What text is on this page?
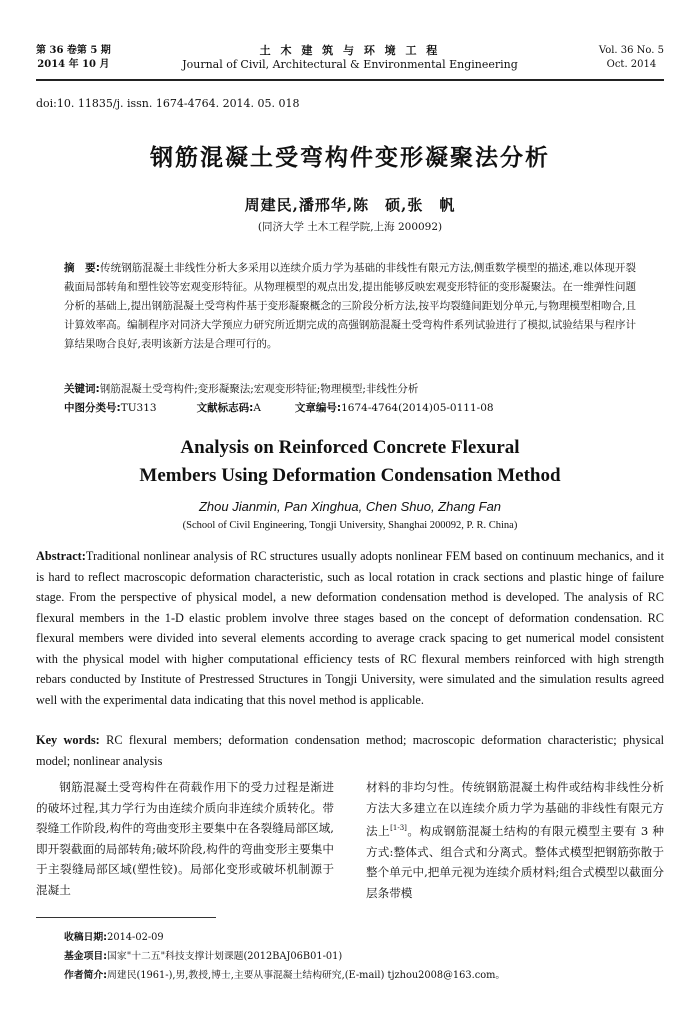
第 36 卷第 5 期
2014 年 10 月
土 木 建 筑 与 环 境 工 程
Journal of Civil, Architectural & Environmental Engineering
Vol. 36 No. 5
Oct. 2014
doi:10. 11835/j. issn. 1674-4764. 2014. 05. 018
钢筋混凝土受弯构件变形凝聚法分析
周建民,潘邢华,陈　硕,张　帆
(同济大学 土木工程学院,上海 200092)
摘　要:传统钢筋混凝土非线性分析大多采用以连续介质力学为基础的非线性有限元方法,侧重数学模型的描述,难以体现开裂截面局部转角和塑性铰等宏观变形特征。从物理模型的观点出发,提出能够反映宏观变形特征的变形凝聚法。在一维弹性问题分析的基础上,提出钢筋混凝土受弯构件基于变形凝聚概念的三阶段分析方法,按平均裂缝间距划分单元,与物理模型相吻合,且计算效率高。编制程序对同济大学预应力研究所近期完成的高强钢筋混凝土受弯构件系列试验进行了模拟,试验结果与程序计算结果吻合良好,表明该新方法是合理可行的。
关键词:钢筋混凝土受弯构件;变形凝聚法;宏观变形特征;物理模型;非线性分析
中图分类号:TU313	文献标志码:A	文章编号:1674-4764(2014)05-0111-08
Analysis on Reinforced Concrete Flexural
Members Using Deformation Condensation Method
Zhou Jianmin, Pan Xinghua, Chen Shuo, Zhang Fan
(School of Civil Engineering, Tongji University, Shanghai 200092, P. R. China)
Abstract:Traditional nonlinear analysis of RC structures usually adopts nonlinear FEM based on continuum mechanics, and it is hard to reflect macroscopic deformation characteristic, such as local rotation in crack sections and plastic hinge of failure stage. From the perspective of physical model, a new deformation condensation method is developed. The analysis of RC flexural members in the 1-D elastic problem involve three stages based on the concept of deformation condensation. RC flexural members were divided into several elements according to average crack spacing to get numerical model consistent with the physical model with higher computational efficiency tests of RC flexural members reinforced with high strength rebars conducted by Institute of Prestressed Structures in Tongji University, were simulated and the simulation results agreed well with the experimental data indicating that this novel method is applicable.
Key words: RC flexural members; deformation condensation method; macroscopic deformation characteristic; physical model; nonlinear analysis
钢筋混凝土受弯构件在荷载作用下的受力过程是渐进的破坏过程,其力学行为由连续介质向非连续介质转化。带裂缝工作阶段,构件的弯曲变形主要集中在各裂缝局部区域,即开裂截面的局部转角;破坏阶段,构件的弯曲变形主要集中于主裂缝局部区域(塑性铰)。局部化变形或破坏机制源于混凝土
材料的非均匀性。传统钢筋混凝土构件或结构非线性分析方法大多建立在以连续介质力学为基础的非线性有限元方法上[1-3]。构成钢筋混凝土结构的有限元模型主要有 3 种方式:整体式、组合式和分离式。整体式模型把钢筋弥散于整个单元中,把单元视为连续介质材料;组合式模型以截面分层条带模
收稿日期:2014-02-09
基金项目:国家"十二五"科技支撑计划课题(2012BAJ06B01-01)
作者简介:周建民(1961-),男,教授,博士,主要从事混凝土结构研究,(E-mail) tjzhou2008@163.com。
